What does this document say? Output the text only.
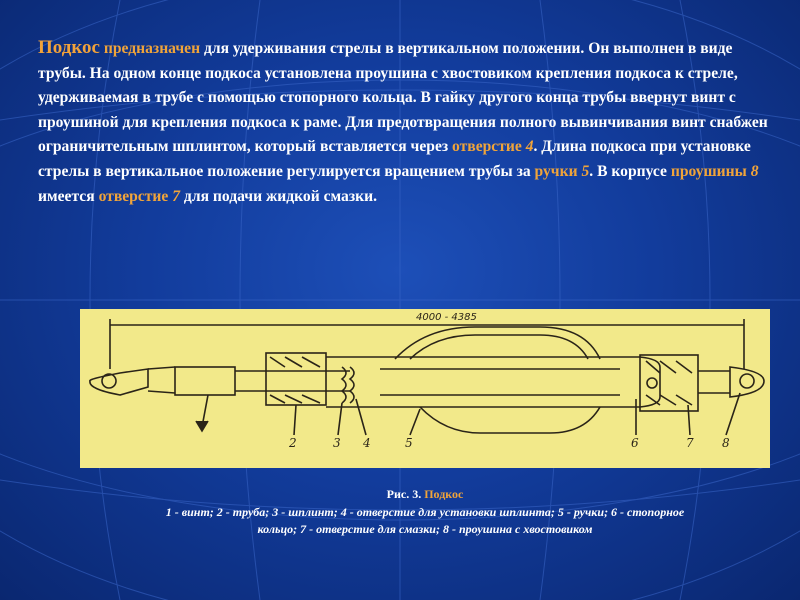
Подкос предназначен для удерживания стрелы в вертикальном положении. Он выполнен в виде трубы. На одном конце подкоса установлена проушина с хвостовиком крепления подкоса к стреле, удерживаемая в трубе с помощью стопорного кольца. В гайку другого конца трубы ввернут винт с проушиной для крепления подкоса к раме. Для предотвращения полного вывинчивания винт снабжен ограничительным шплинтом, который вставляется через отверстие 4. Длина подкоса при установке стрелы в вертикальное положение регулируется вращением трубы за ручки 5. В корпусе проушины 8 имеется отверстие 7 для подачи жидкой смазки.

4000 - 4385
2	3 4	5	6	7 8
Рис. 3. Подкос
1 - винт; 2 - труба; 3 - шплинт; 4 - отверстие для установки шплинта; 5 - ручки; 6 - стопорное кольцо; 7 - отверстие для смазки; 8 - проушина с хвостовиком
